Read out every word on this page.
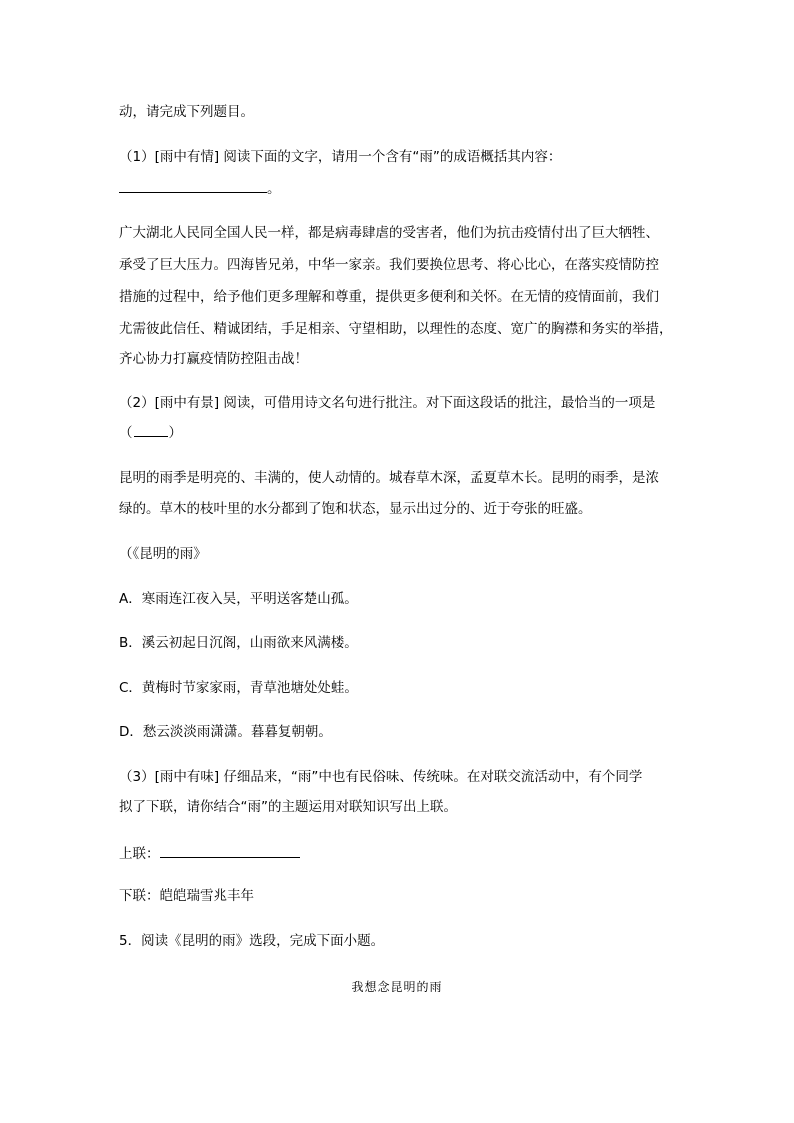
动，请完成下列题目。
（1）[雨中有情] 阅读下面的文字，请用一个含有“雨”的成语概括其内容：
。
广大湖北人民同全国人民一样，都是病毒肆虐的受害者，他们为抗击疫情付出了巨大牺牲、
承受了巨大压力。四海皆兄弟，中华一家亲。我们要换位思考、将心比心，在落实疫情防控
措施的过程中，给予他们更多理解和尊重，提供更多便利和关怀。在无情的疫情面前，我们
尤需彼此信任、精诚团结，手足相亲、守望相助，以理性的态度、宽广的胸襟和务实的举措，
齐心协力打赢疫情防控阻击战！
（2）[雨中有景] 阅读，可借用诗文名句进行批注。对下面这段话的批注，最恰当的一项是
（	）
昆明的雨季是明亮的、丰满的，使人动情的。城春草木深，孟夏草木长。昆明的雨季，是浓
绿的。草木的枝叶里的水分都到了饱和状态，显示出过分的、近于夸张的旺盛。
（《昆明的雨》
A．寒雨连江夜入吴，平明送客楚山孤。
B．溪云初起日沉阁，山雨欲来风满楼。
C．黄梅时节家家雨，青草池塘处处蛙。
D．愁云淡淡雨潇潇。暮暮复朝朝。
（3）[雨中有味] 仔细品来，“雨”中也有民俗味、传统味。在对联交流活动中，有个同学
拟了下联，请你结合“雨”的主题运用对联知识写出上联。
上联：
下联：皑皑瑞雪兆丰年
5．阅读《昆明的雨》选段，完成下面小题。
我想念昆明的雨
